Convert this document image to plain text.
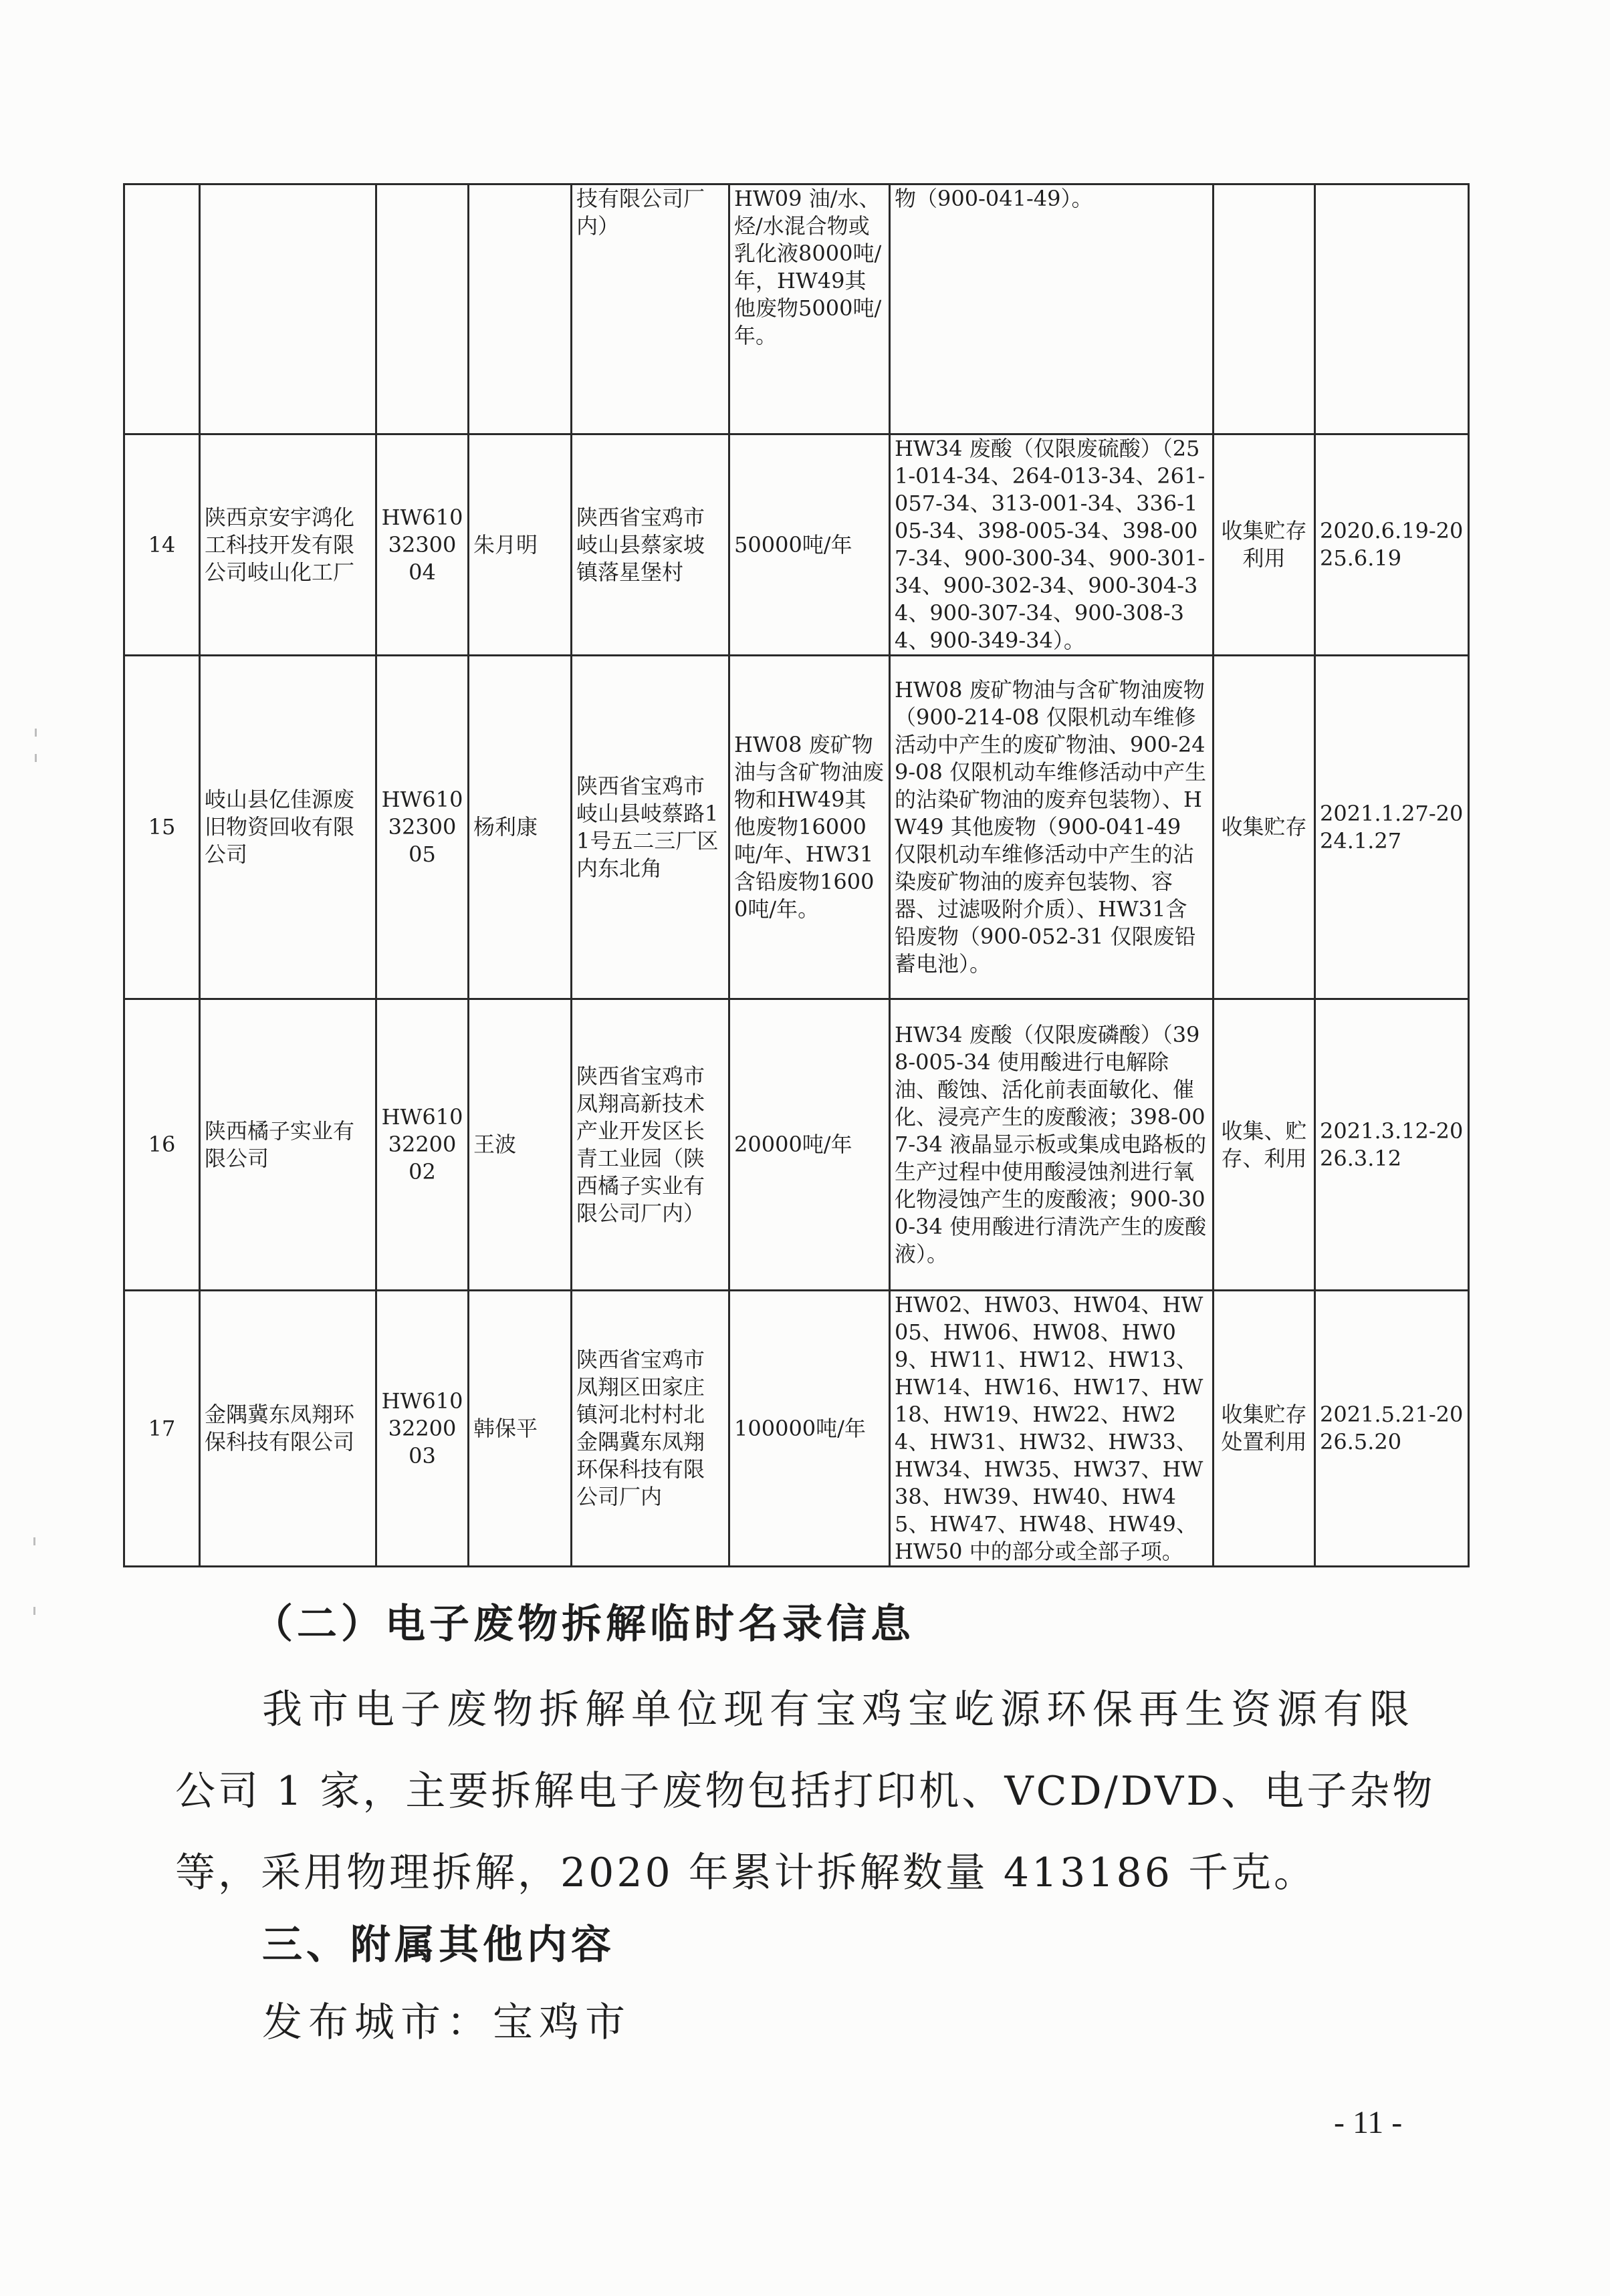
				技有限公司厂内）	HW09 油/水、烃/水混合物或乳化液8000吨/年，HW49其他废物5000吨/年。	物（900-041-49）。		
14	陕西京安宇鸿化工科技开发有限公司岐山化工厂	HW61032300 04	朱月明	陕西省宝鸡市岐山县蔡家坡镇落星堡村	50000吨/年	HW34 废酸（仅限废硫酸）（251-014-34、264-013-34、261-057-34、313-001-34、336-105-34、398-005-34、398-007-34、900-300-34、900-301-34、900-302-34、900-304-34、900-307-34、900-308-34、900-349-34）。	收集贮存利用	2020.6.19-2025.6.19
15	岐山县亿佳源废旧物资回收有限公司	HW61032300 05	杨利康	陕西省宝鸡市岐山县岐蔡路11号五二三厂区内东北角	HW08 废矿物油与含矿物油废物和HW49其他废物16000吨/年、HW31含铅废物16000吨/年。	HW08 废矿物油与含矿物油废物（900-214-08 仅限机动车维修活动中产生的废矿物油、900-249-08 仅限机动车维修活动中产生的沾染矿物油的废弃包装物）、HW49 其他废物（900-041-49 仅限机动车维修活动中产生的沾染废矿物油的废弃包装物、容器、过滤吸附介质）、HW31含铅废物（900-052-31 仅限废铅蓄电池）。	收集贮存	2021.1.27-2024.1.27
16	陕西橘子实业有限公司	HW61032200 02	王波	陕西省宝鸡市凤翔高新技术产业开发区长青工业园（陕西橘子实业有限公司厂内）	20000吨/年	HW34 废酸（仅限废磷酸）（398-005-34 使用酸进行电解除油、酸蚀、活化前表面敏化、催化、浸亮产生的废酸液；398-007-34 液晶显示板或集成电路板的生产过程中使用酸浸蚀剂进行氧化物浸蚀产生的废酸液；900-300-34 使用酸进行清洗产生的废酸液）。	收集、贮存、利用	2021.3.12-2026.3.12
17	金隅冀东凤翔环保科技有限公司	HW61032200 03	韩保平	陕西省宝鸡市凤翔区田家庄镇河北村村北金隅冀东凤翔环保科技有限公司厂内	100000吨/年	HW02、HW03、HW04、HW05、HW06、HW08、HW09、HW11、HW12、HW13、HW14、HW16、HW17、HW18、HW19、HW22、HW24、HW31、HW32、HW33、HW34、HW35、HW37、HW38、HW39、HW40、HW45、HW47、HW48、HW49、HW50 中的部分或全部子项。	收集贮存处置利用	2021.5.21-2026.5.20
（二）电子废物拆解临时名录信息
我市电子废物拆解单位现有宝鸡宝屹源环保再生资源有限
公司 1 家，主要拆解电子废物包括打印机、VCD/DVD、电子杂物
等，采用物理拆解，2020 年累计拆解数量 413186 千克。
三、附属其他内容
发布城市：宝鸡市
- 11 -
